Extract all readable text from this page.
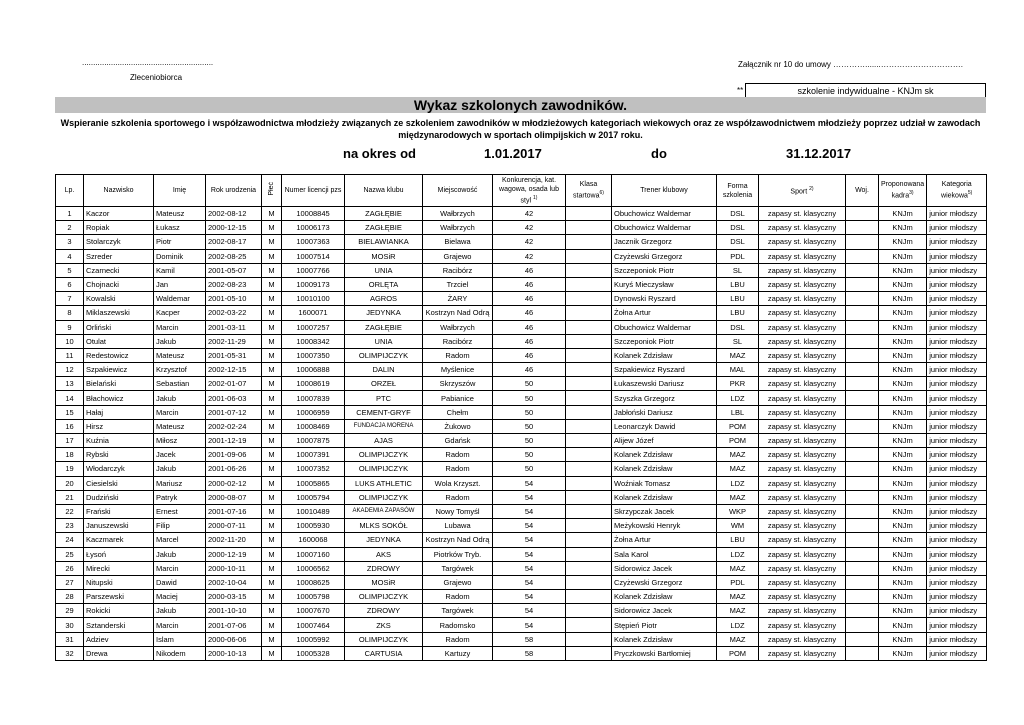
...........................................................
Zleceniobiorca
Załącznik nr 10 do umowy ………….......………………………….
**	szkolenie indywidualne - KNJm sk
Wykaz szkolonych zawodników.
Wspieranie szkolenia sportowego i współzawodnictwa młodzieży związanych ze szkoleniem zawodników w młodzieżowych kategoriach wiekowych oraz ze współzawodnictwem młodzieży poprzez udział w zawodach międzynarodowych w sportach olimpijskich w 2017 roku.
na okres od	1.01.2017	do	31.12.2017
Lp.	Nazwisko	Imię	Rok urodzenia	Płeć	Numer licencji pzs	Nazwa klubu	Miejscowość	Konkurencja, kat. wagowa, osada lub styl $^{1)}$	Klasa startowa$^{6)}$	Trener klubowy	Forma szkolenia	Sport $^{2)}$	Woj.	Proponowana kadra$^{3)}$	Kategoria wiekowa$^{5)}$
1	Kaczor	Mateusz	2002-08-12	M	10008845	ZAGŁĘBIE	Wałbrzych	42		Obuchowicz Waldemar	DSL	zapasy st. klasyczny		KNJm	junior młodszy
2	Ropiak	Łukasz	2000-12-15	M	10006173	ZAGŁĘBIE	Wałbrzych	42		Obuchowicz Waldemar	DSL	zapasy st. klasyczny		KNJm	junior młodszy
3	Stolarczyk	Piotr	2002-08-17	M	10007363	BIELAWIANKA	Bielawa	42		Jacznik Grzegorz	DSL	zapasy st. klasyczny		KNJm	junior młodszy
4	Szreder	Dominik	2002-08-25	M	10007514	MOSiR	Grajewo	42		Czyżewski Grzegorz	PDL	zapasy st. klasyczny		KNJm	junior młodszy
5	Czarnecki	Kamil	2001-05-07	M	10007766	UNIA	Racibórz	46		Szczeponiok Piotr	SL	zapasy st. klasyczny		KNJm	junior młodszy
6	Chojnacki	Jan	2002-08-23	M	10009173	ORLĘTA	Trzciel	46		Kuryś Mieczysław	LBU	zapasy st. klasyczny		KNJm	junior młodszy
7	Kowalski	Waldemar	2001-05-10	M	10010100	AGROS	ŻARY	46		Dynowski Ryszard	LBU	zapasy st. klasyczny		KNJm	junior młodszy
8	Miklaszewski	Kacper	2002-03-22	M	1600071	JEDYNKA	Kostrzyn Nad Odrą	46		Żołna Artur	LBU	zapasy st. klasyczny		KNJm	junior młodszy
9	Orliński	Marcin	2001-03-11	M	10007257	ZAGŁĘBIE	Wałbrzych	46		Obuchowicz Waldemar	DSL	zapasy st. klasyczny		KNJm	junior młodszy
10	Otulat	Jakub	2002-11-29	M	10008342	UNIA	Racibórz	46		Szczeponiok Piotr	SL	zapasy st. klasyczny		KNJm	junior młodszy
11	Redestowicz	Mateusz	2001-05-31	M	10007350	OLIMPIJCZYK	Radom	46		Kolanek Zdzisław	MAZ	zapasy st. klasyczny		KNJm	junior młodszy
12	Szpakiewicz	Krzysztof	2002-12-15	M	10006888	DALIN	Myślenice	46		Szpakiewicz Ryszard	MAL	zapasy st. klasyczny		KNJm	junior młodszy
13	Bielański	Sebastian	2002-01-07	M	10008619	ORZEŁ	Skrzyszów	50		Łukaszewski Dariusz	PKR	zapasy st. klasyczny		KNJm	junior młodszy
14	Błachowicz	Jakub	2001-06-03	M	10007839	PTC	Pabianice	50		Szyszka Grzegorz	LDZ	zapasy st. klasyczny		KNJm	junior młodszy
15	Hałaj	Marcin	2001-07-12	M	10006959	CEMENT-GRYF	Chełm	50		Jabłoński Dariusz	LBL	zapasy st. klasyczny		KNJm	junior młodszy
16	Hirsz	Mateusz	2002-02-24	M	10008469	FUNDACJA MORENA	Żukowo	50		Leonarczyk Dawid	POM	zapasy st. klasyczny		KNJm	junior młodszy
17	Kuźnia	Miłosz	2001-12-19	M	10007875	AJAS	Gdańsk	50		Alijew Józef	POM	zapasy st. klasyczny		KNJm	junior młodszy
18	Rybski	Jacek	2001-09-06	M	10007391	OLIMPIJCZYK	Radom	50		Kolanek Zdzisław	MAZ	zapasy st. klasyczny		KNJm	junior młodszy
19	Włodarczyk	Jakub	2001-06-26	M	10007352	OLIMPIJCZYK	Radom	50		Kolanek Zdzisław	MAZ	zapasy st. klasyczny		KNJm	junior młodszy
20	Ciesielski	Mariusz	2000-02-12	M	10005865	LUKS ATHLETIC	Wola Krzyszt.	54		Woźniak Tomasz	LDZ	zapasy st. klasyczny		KNJm	junior młodszy
21	Dudziński	Patryk	2000-08-07	M	10005794	OLIMPIJCZYK	Radom	54		Kolanek Zdzisław	MAZ	zapasy st. klasyczny		KNJm	junior młodszy
22	Frański	Ernest	2001-07-16	M	10010489	AKADEMIA ZAPASÓW	Nowy Tomyśl	54		Skrzypczak Jacek	WKP	zapasy st. klasyczny		KNJm	junior młodszy
23	Januszewski	Filip	2000-07-11	M	10005930	MLKS SOKÓŁ	Lubawa	54		Meżykowski Henryk	WM	zapasy st. klasyczny		KNJm	junior młodszy
24	Kaczmarek	Marcel	2002-11-20	M	1600068	JEDYNKA	Kostrzyn Nad Odrą	54		Żołna Artur	LBU	zapasy st. klasyczny		KNJm	junior młodszy
25	Łysoń	Jakub	2000-12-19	M	10007160	AKS	Piotrków Tryb.	54		Sala Karol	LDZ	zapasy st. klasyczny		KNJm	junior młodszy
26	Mirecki	Marcin	2000-10-11	M	10006562	ZDROWY	Targówek	54		Sidorowicz Jacek	MAZ	zapasy st. klasyczny		KNJm	junior młodszy
27	Nitupski	Dawid	2002-10-04	M	10008625	MOSiR	Grajewo	54		Czyżewski Grzegorz	PDL	zapasy st. klasyczny		KNJm	junior młodszy
28	Parszewski	Maciej	2000-03-15	M	10005798	OLIMPIJCZYK	Radom	54		Kolanek Zdzisław	MAZ	zapasy st. klasyczny		KNJm	junior młodszy
29	Rokicki	Jakub	2001-10-10	M	10007670	ZDROWY	Targówek	54		Sidorowicz Jacek	MAZ	zapasy st. klasyczny		KNJm	junior młodszy
30	Sztanderski	Marcin	2001-07-06	M	10007464	ZKS	Radomsko	54		Stępień Piotr	LDZ	zapasy st. klasyczny		KNJm	junior młodszy
31	Adziev	Islam	2000-06-06	M	10005992	OLIMPIJCZYK	Radom	58		Kolanek Zdzisław	MAZ	zapasy st. klasyczny		KNJm	junior młodszy
32	Drewa	Nikodem	2000-10-13	M	10005328	CARTUSIA	Kartuzy	58		Pryczkowski Bartłomiej	POM	zapasy st. klasyczny		KNJm	junior młodszy
